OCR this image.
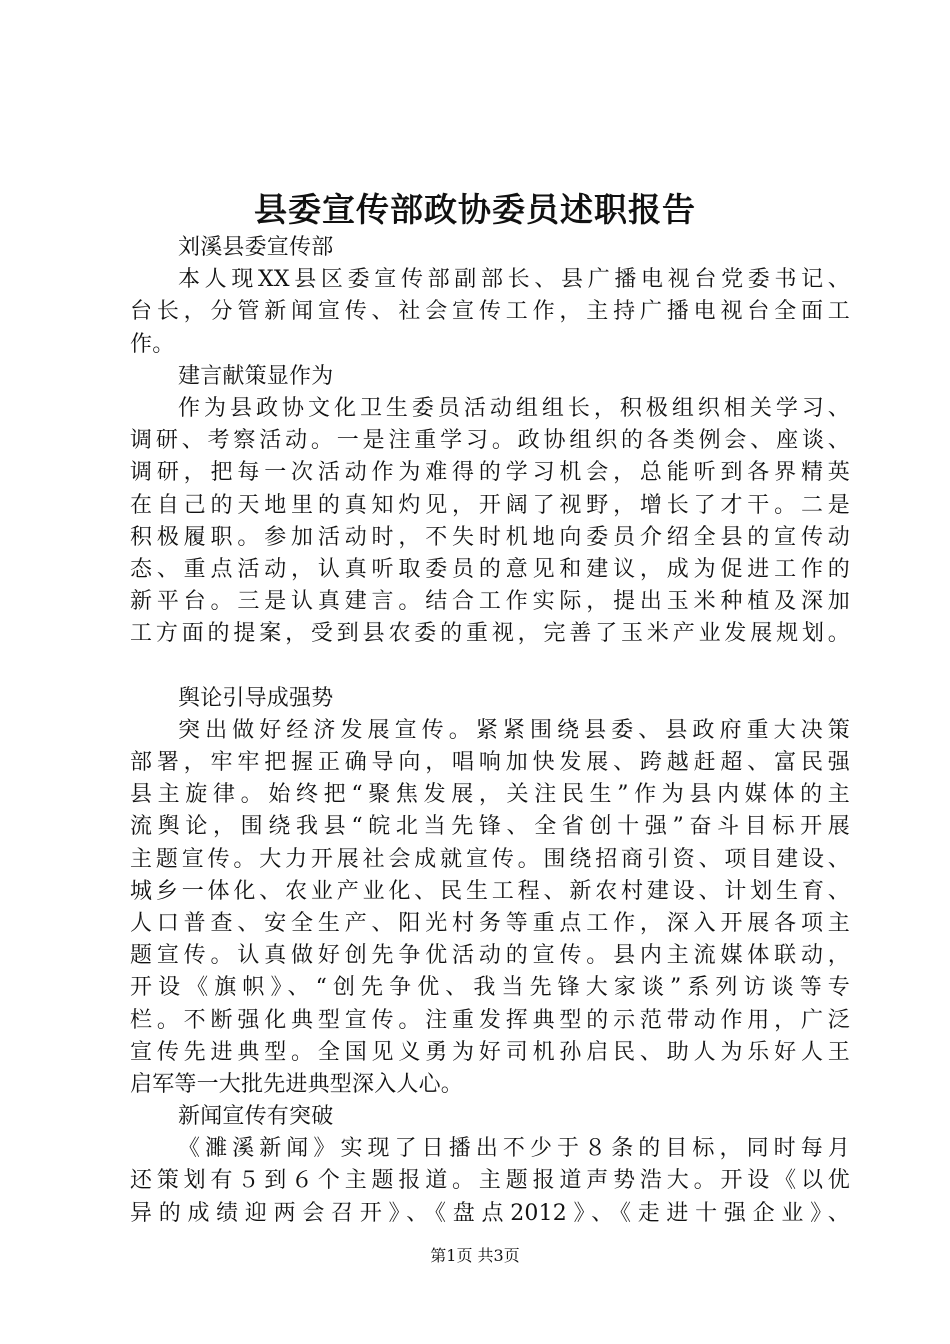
县委宣传部政协委员述职报告
刘溪县委宣传部
本人现XX县区委宣传部副部长、县广播电视台党委书记、
台长，分管新闻宣传、社会宣传工作，主持广播电视台全面工
作。
建言献策显作为
作为县政协文化卫生委员活动组组长，积极组织相关学习、
调研、考察活动。一是注重学习。政协组织的各类例会、座谈、
调研，把每一次活动作为难得的学习机会，总能听到各界精英
在自己的天地里的真知灼见，开阔了视野，增长了才干。二是
积极履职。参加活动时，不失时机地向委员介绍全县的宣传动
态、重点活动，认真听取委员的意见和建议，成为促进工作的
新平台。三是认真建言。结合工作实际，提出玉米种植及深加
工方面的提案，受到县农委的重视，完善了玉米产业发展规划。
舆论引导成强势
突出做好经济发展宣传。紧紧围绕县委、县政府重大决策
部署，牢牢把握正确导向，唱响加快发展、跨越赶超、富民强
县主旋律。始终把“聚焦发展，关注民生”作为县内媒体的主
流舆论，围绕我县“皖北当先锋、全省创十强”奋斗目标开展
主题宣传。大力开展社会成就宣传。围绕招商引资、项目建设、
城乡一体化、农业产业化、民生工程、新农村建设、计划生育、
人口普查、安全生产、阳光村务等重点工作，深入开展各项主
题宣传。认真做好创先争优活动的宣传。县内主流媒体联动，
开设《旗帜》、“创先争优、我当先锋大家谈”系列访谈等专
栏。不断强化典型宣传。注重发挥典型的示范带动作用，广泛
宣传先进典型。全国见义勇为好司机孙启民、助人为乐好人王
启军等一大批先进典型深入人心。
新闻宣传有突破
《濉溪新闻》实现了日播出不少于８条的目标，同时每月
还策划有５到６个主题报道。主题报道声势浩大。开设《以优
异的成绩迎两会召开》、《盘点2012》、《走进十强企业》、
第1页 共3页
